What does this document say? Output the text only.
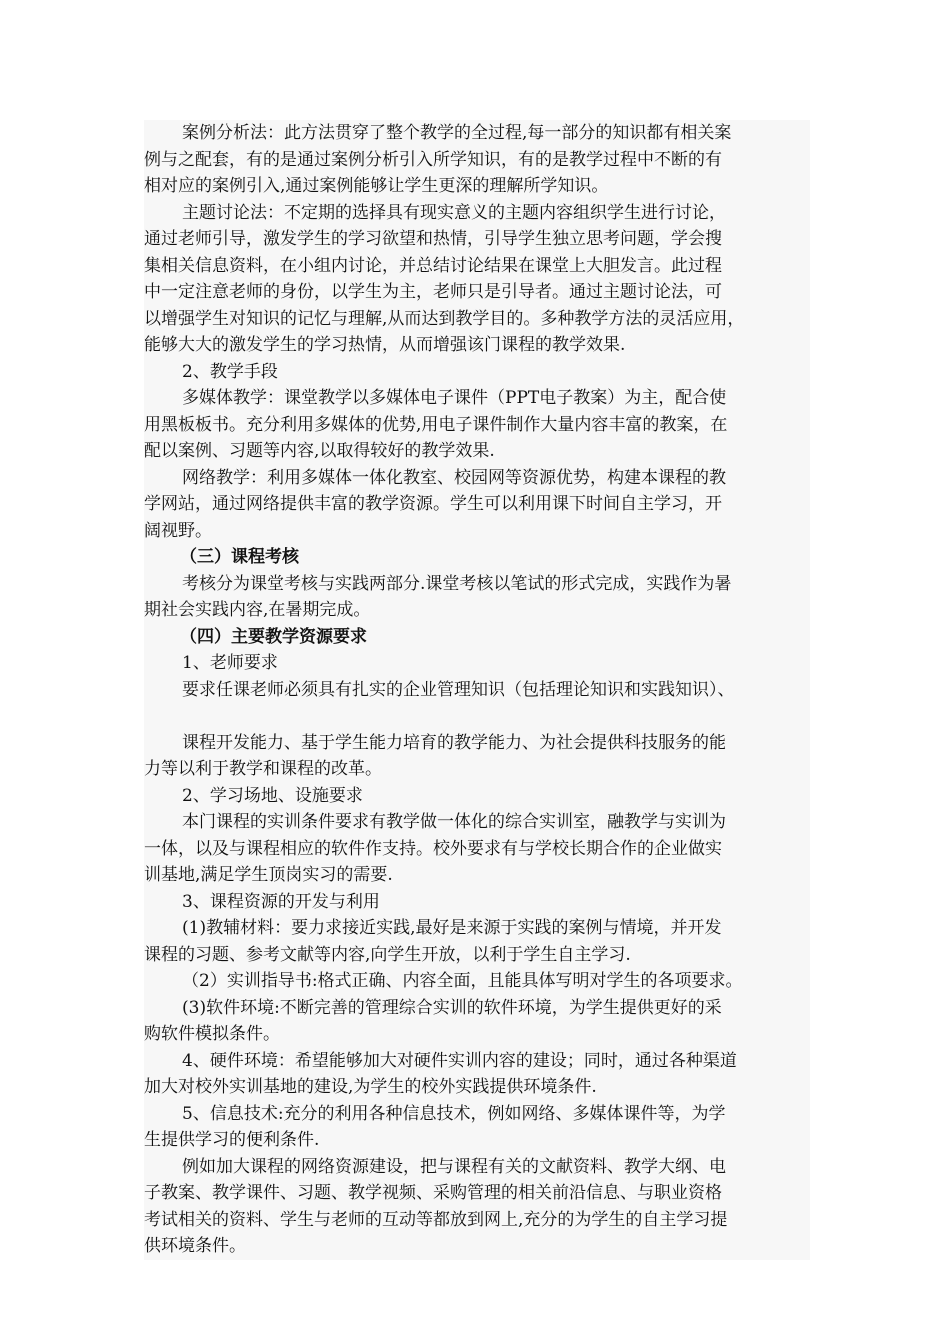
案例分析法：此方法贯穿了整个教学的全过程,每一部分的知识都有相关案
例与之配套，有的是通过案例分析引入所学知识，有的是教学过程中不断的有
相对应的案例引入,通过案例能够让学生更深的理解所学知识。
主题讨论法：不定期的选择具有现实意义的主题内容组织学生进行讨论，
通过老师引导，激发学生的学习欲望和热情，引导学生独立思考问题，学会搜
集相关信息资料，在小组内讨论，并总结讨论结果在课堂上大胆发言。此过程
中一定注意老师的身份，以学生为主，老师只是引导者。通过主题讨论法，可
以增强学生对知识的记忆与理解,从而达到教学目的。多种教学方法的灵活应用，
能够大大的激发学生的学习热情，从而增强该门课程的教学效果.
2、教学手段
多媒体教学：课堂教学以多媒体电子课件（PPT电子教案）为主，配合使
用黑板板书。充分利用多媒体的优势,用电子课件制作大量内容丰富的教案，在
配以案例、习题等内容,以取得较好的教学效果.
网络教学：利用多媒体一体化教室、校园网等资源优势，构建本课程的教
学网站，通过网络提供丰富的教学资源。学生可以利用课下时间自主学习，开
阔视野。
（三）课程考核
考核分为课堂考核与实践两部分.课堂考核以笔试的形式完成，实践作为暑
期社会实践内容,在暑期完成。
（四）主要教学资源要求
1、老师要求
要求任课老师必须具有扎实的企业管理知识（包括理论知识和实践知识）、
课程开发能力、基于学生能力培育的教学能力、为社会提供科技服务的能
力等以利于教学和课程的改革。
2、学习场地、设施要求
本门课程的实训条件要求有教学做一体化的综合实训室，融教学与实训为
一体，以及与课程相应的软件作支持。校外要求有与学校长期合作的企业做实
训基地,满足学生顶岗实习的需要.
3、课程资源的开发与利用
(1)教辅材料：要力求接近实践,最好是来源于实践的案例与情境，并开发
课程的习题、参考文献等内容,向学生开放，以利于学生自主学习.
（2）实训指导书:格式正确、内容全面，且能具体写明对学生的各项要求。
(3)软件环境:不断完善的管理综合实训的软件环境，为学生提供更好的采
购软件模拟条件。
4、硬件环境：希望能够加大对硬件实训内容的建设；同时，通过各种渠道
加大对校外实训基地的建设,为学生的校外实践提供环境条件.
5、信息技术:充分的利用各种信息技术，例如网络、多媒体课件等，为学
生提供学习的便利条件.
例如加大课程的网络资源建设，把与课程有关的文献资料、教学大纲、电
子教案、教学课件、习题、教学视频、采购管理的相关前沿信息、与职业资格
考试相关的资料、学生与老师的互动等都放到网上,充分的为学生的自主学习提
供环境条件。
